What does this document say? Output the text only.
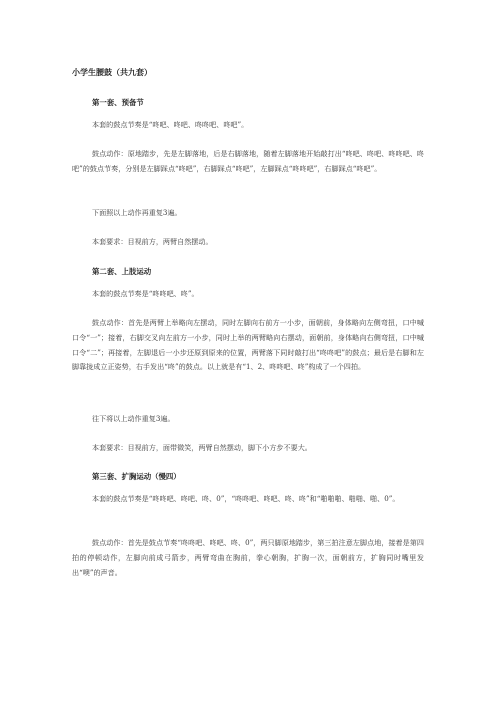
小学生腰鼓（共九套）
第一套、预备节

本套的鼓点节奏是“咚吧、咚吧、咚咚吧、咚吧”。

鼓点动作：原地踏步，先是左脚落地，后是右脚落地，随着左脚落地开始敲打出“咚吧、咚吧、咚咚吧、咚吧”的鼓点节奏，分别是左脚踩点“咚吧”，右脚踩点“咚吧”，左脚踩点“咚咚吧”，右脚踩点“咚吧”。

下面照以上动作再重复3遍。

本套要求：目视前方，两臂自然摆动。

第二套、上肢运动

本套的鼓点节奏是“咚咚吧、咚”。

鼓点动作：首先是两臂上举略向左摆动，同时左脚向右前方一小步，面朝前，身体略向左侧弯扭，口中喊口令“一”；接着，右脚交叉向左前方一小步，同时上举的两臂略向右摆动，面朝前，身体略向右侧弯扭，口中喊口令“二”；再接着，左脚退后一小步还原到原来的位置，两臂落下同时敲打出“咚咚吧”的鼓点；最后是右脚和左脚靠拢成立正姿势，右手发出“咚”的鼓点。以上就是有“1、2、咚咚吧、咚”构成了一个四拍。

往下将以上动作重复3遍。

本套要求：目视前方，面带微笑，两臂自然摆动，脚下小方步不要大。

第三套、扩胸运动（慢四）

本套的鼓点节奏是“咚咚吧、咚吧、咚、0”，“咚咚吧、咚吧、咚、咚”和“啪啪啪、啪啪、啪、0”。

鼓点动作：首先是鼓点节奏“咚咚吧、咚吧、咚、0”，两只脚原地踏步，第三拍注意左脚点地，接着是第四拍的停顿动作，左脚向前成弓箭步，两臂弯曲在胸前，拳心朝胸，扩胸一次，面朝前方，扩胸同时嘴里发出“噢”的声音。
